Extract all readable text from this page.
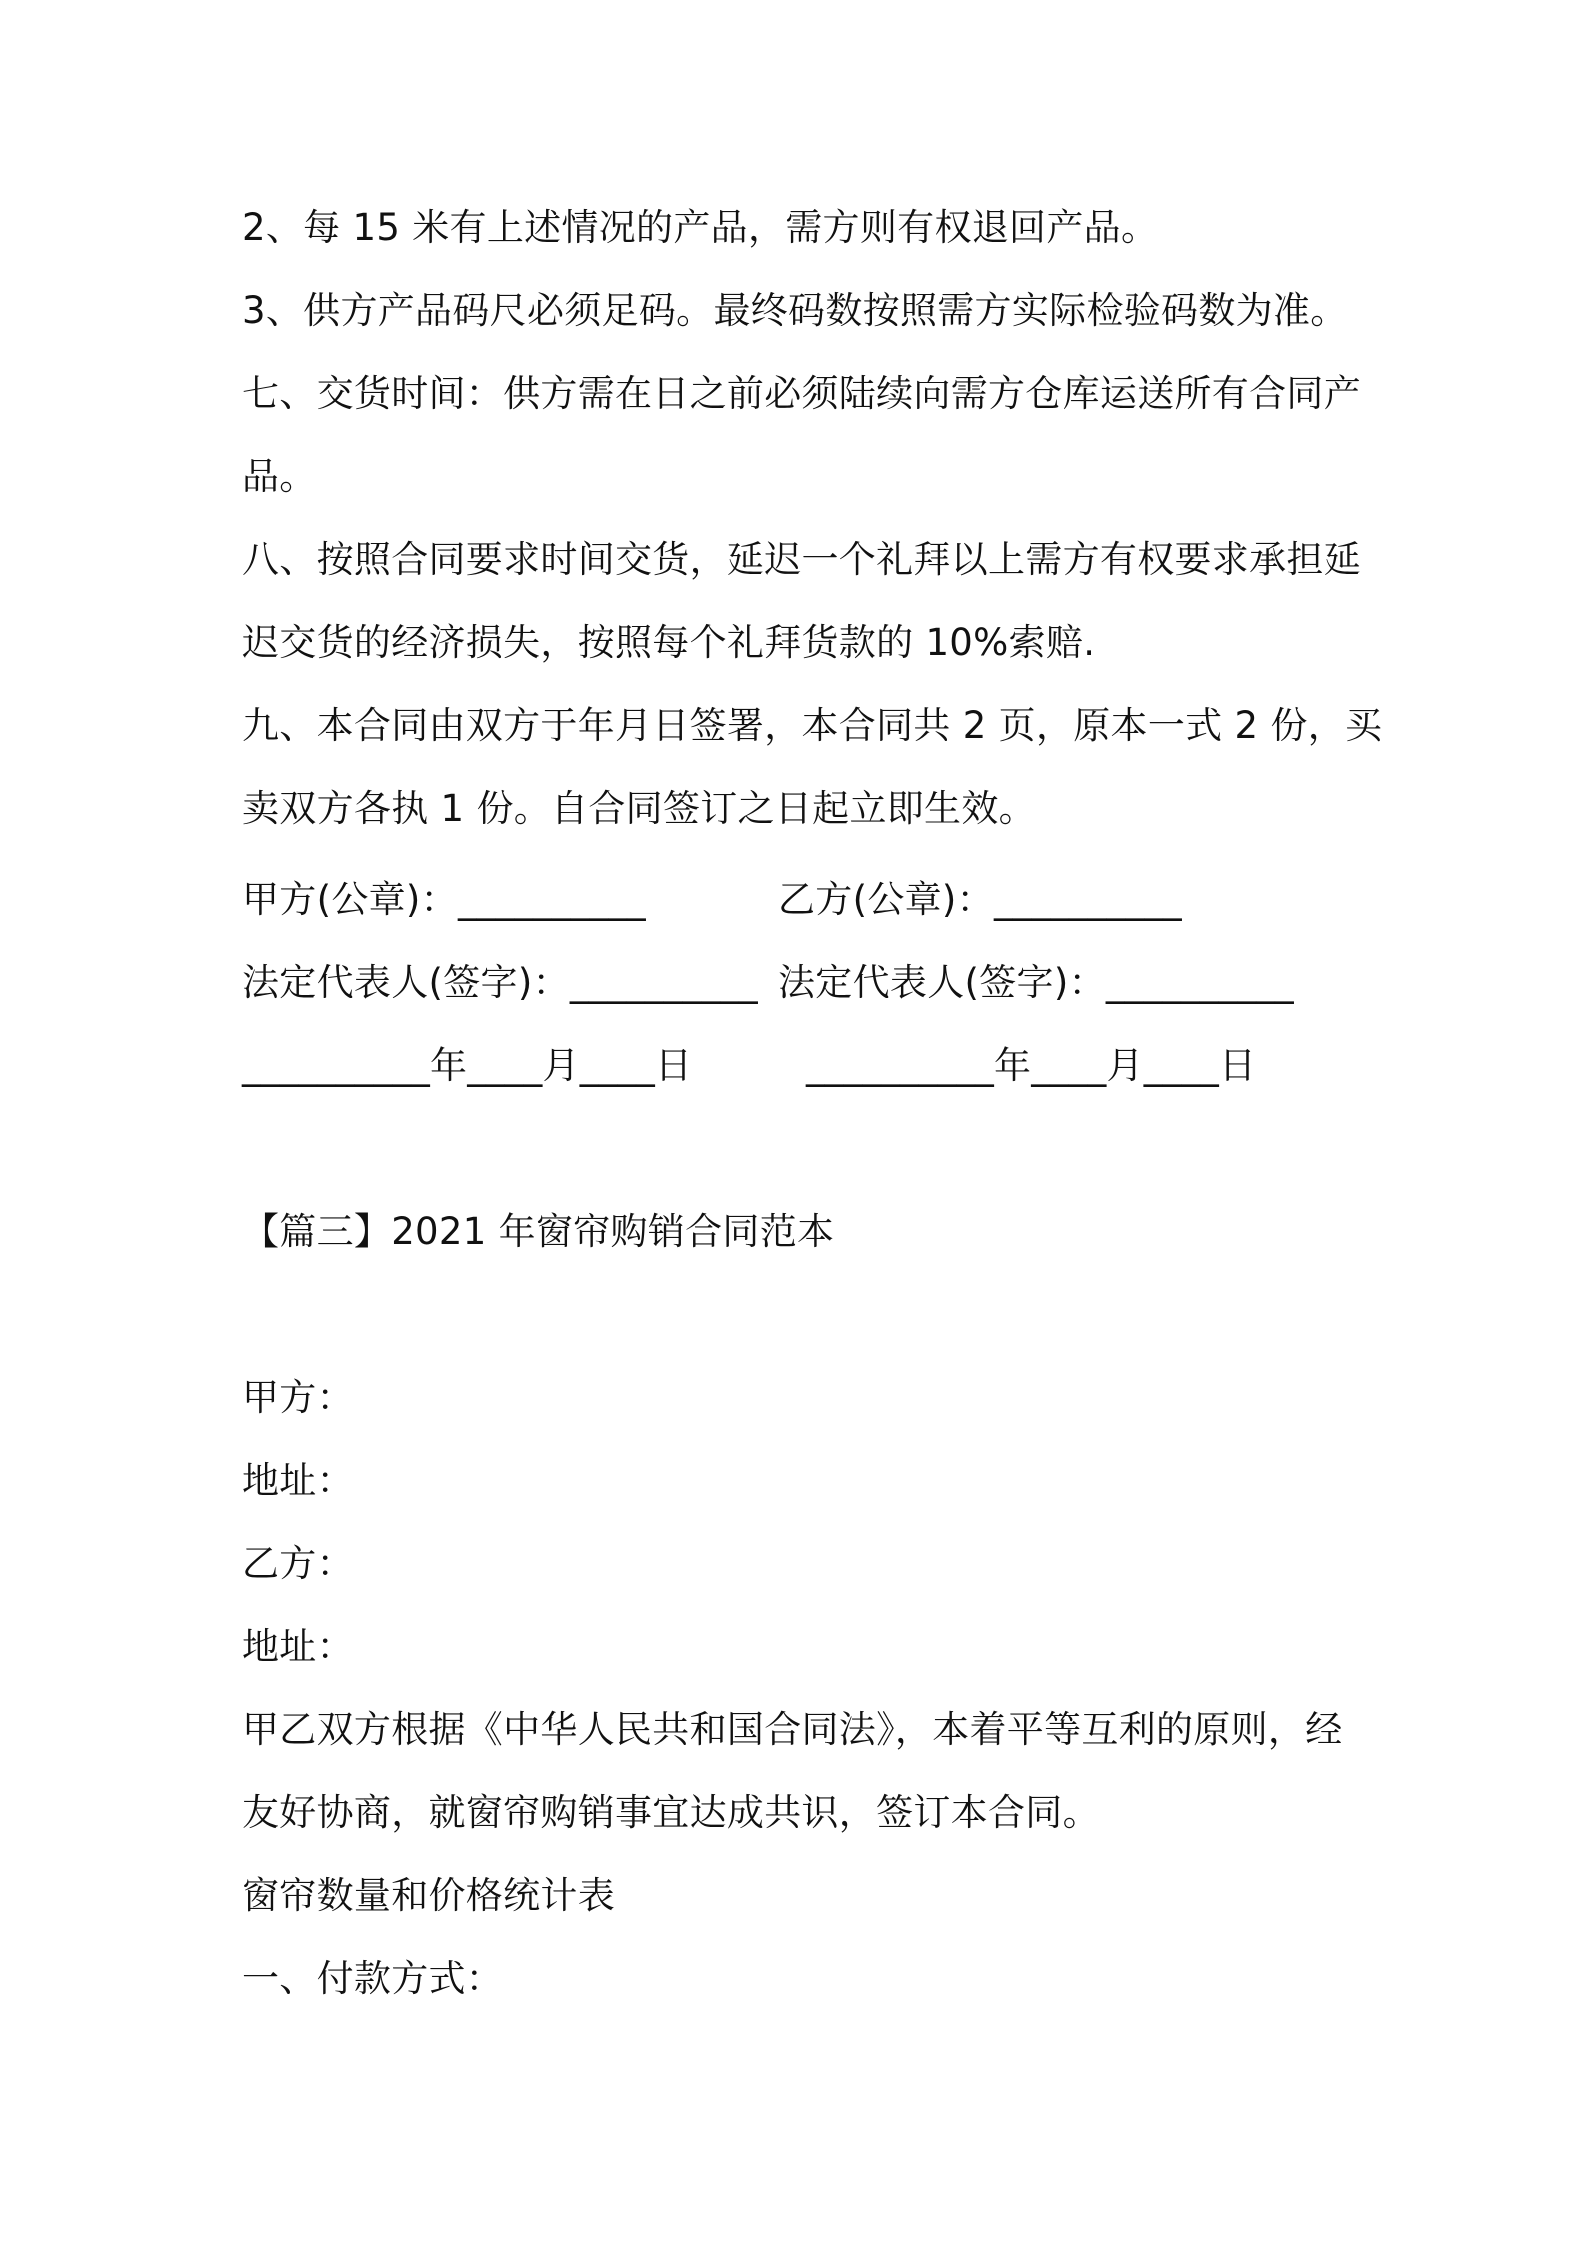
2、每 15 米有上述情况的产品，需方则有权退回产品。
3、供方产品码尺必须足码。最终码数按照需方实际检验码数为准。
七、交货时间：供方需在日之前必须陆续向需方仓库运送所有合同产
品。
八、按照合同要求时间交货，延迟一个礼拜以上需方有权要求承担延
迟交货的经济损失，按照每个礼拜货款的 10%索赔.
九、本合同由双方于年月日签署，本合同共 2 页，原本一式 2 份，买
卖双方各执 1 份。自合同签订之日起立即生效。
甲方(公章)：__________	乙方(公章)：__________
法定代表人(签字)：__________ 法定代表人(签字)：__________
__________年____月____日	__________年____月____日
【篇三】2021 年窗帘购销合同范本
甲方：
地址：
乙方：
地址：
甲乙双方根据《中华人民共和国合同法》，本着平等互利的原则，经
友好协商，就窗帘购销事宜达成共识，签订本合同。
窗帘数量和价格统计表
一、付款方式：
